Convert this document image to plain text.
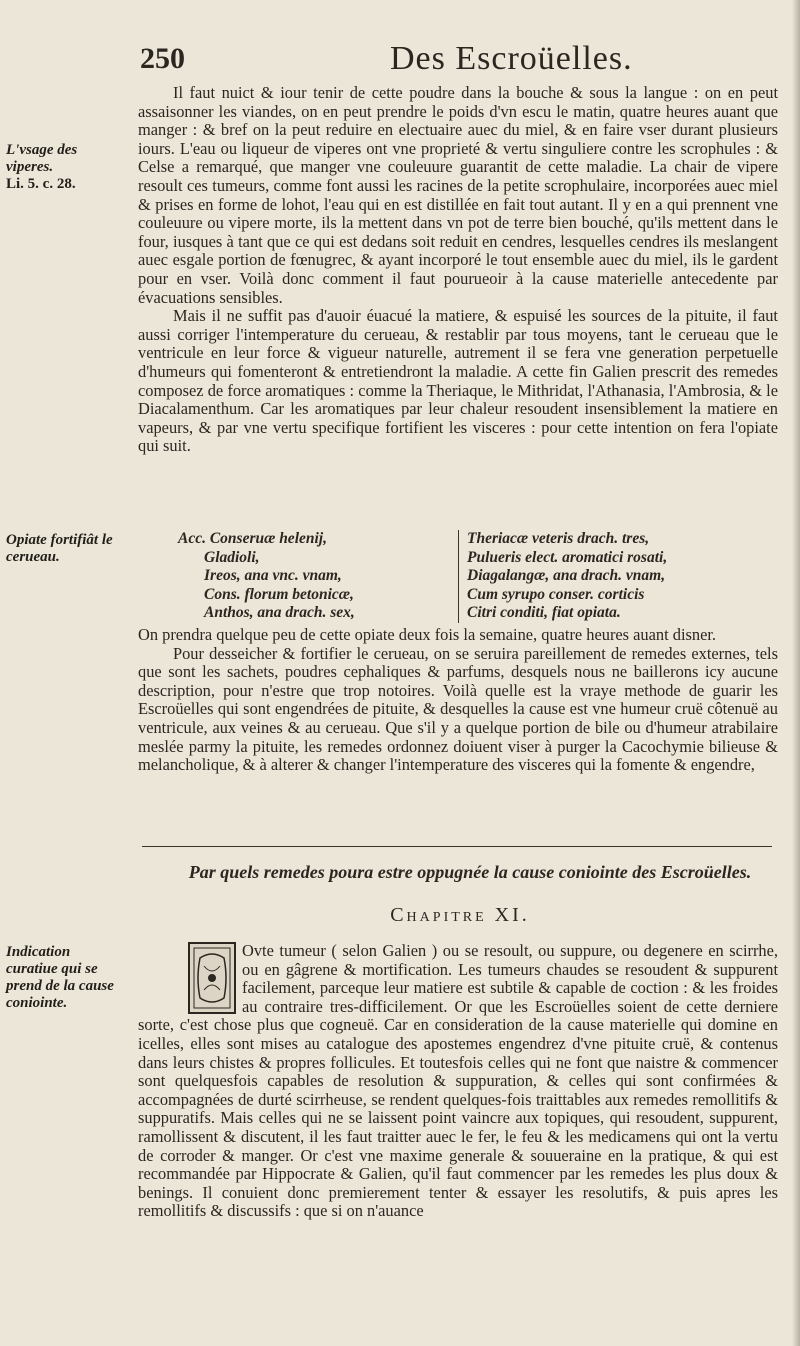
250	Des Escroüelles.
L'vsage des viperes.
Li. 5. c. 28.

Il faut nuict & iour tenir de cette poudre dans la bouche & sous la langue : on en peut assaisonner les viandes, on en peut prendre le poids d'vn escu le matin, quatre heures auant que manger : & bref on la peut reduire en electuaire auec du miel, & en faire vser durant plusieurs iours. L'eau ou liqueur de viperes ont vne proprieté & vertu singuliere contre les scrophules : & Celse a remarqué, que manger vne couleuure guarantit de cette maladie. La chair de vipere resoult ces tumeurs, comme font aussi les racines de la petite scrophulaire, incorporées auec miel & prises en forme de lohot, l'eau qui en est distillée en fait tout autant. Il y en a qui prennent vne couleuure ou vipere morte, ils la mettent dans vn pot de terre bien bouché, qu'ils mettent dans le four, iusques à tant que ce qui est dedans soit reduit en cendres, lesquelles cendres ils meslangent auec esgale portion de fœnugrec, & ayant incorporé le tout ensemble auec du miel, ils le gardent pour en vser. Voilà donc comment il faut pourueoir à la cause materielle antecedente par évacuations sensibles.

Mais il ne suffit pas d'auoir éuacué la matiere, & espuisé les sources de la pituite, il faut aussi corriger l'intemperature du cerueau, & restablir par tous moyens, tant le cerueau que le ventricule en leur force & vigueur naturelle, autrement il se fera vne generation perpetuelle d'humeurs qui fomenteront & entretiendront la maladie. A cette fin Galien prescrit des remedes composez de force aromatiques : comme la Theriaque, le Mithridat, l'Athanasia, l'Ambrosia, & le Diacalamenthum. Car les aromatiques par leur chaleur resoudent insensiblement la matiere en vapeurs, & par vne vertu specifique fortifient les visceres : pour cette intention on fera l'opiate qui suit.

Opiate fortifiât le cerueau.
Acc. Conseruæ helenij,
Gladioli,
Ireos, ana vnc. vnam,
Cons. florum betonicæ,
Anthos, ana drach. sex,
Theriacæ veteris drach. tres,
Pulueris elect. aromatici rosati,
Diagalangæ, ana drach. vnam,
Cum syrupo conser. corticis
Citri conditi, fiat opiata.

On prendra quelque peu de cette opiate deux fois la semaine, quatre heures auant disner.

Pour desseicher & fortifier le cerueau, on se seruira pareillement de remedes externes, tels que sont les sachets, poudres cephaliques & parfums, desquels nous ne baillerons icy aucune description, pour n'estre que trop notoires. Voilà quelle est la vraye methode de guarir les Escroüelles qui sont engendrées de pituite, & desquelles la cause est vne humeur cruë côtenuë au ventricule, aux veines & au cerueau. Que s'il y a quelque portion de bile ou d'humeur atrabilaire meslée parmy la pituite, les remedes ordonnez doiuent viser à purger la Cacochymie bilieuse & melancholique, & à alterer & changer l'intemperature des visceres qui la fomente & engendre,

Par quels remedes poura estre oppugnée la cause coniointe des Escroüelles.
Chapitre XI.
Indication curatiue qui se prend de la cause coniointe.

Ovte tumeur ( selon Galien ) ou se resoult, ou suppure, ou degenere en scirrhe, ou en gâgrene & mortification. Les tumeurs chaudes se resoudent & suppurent facilement, parceque leur matiere est subtile & capable de coction : & les froides au contraire tres-difficilement. Or que les Escroüelles soient de cette derniere sorte, c'est chose plus que cogneuë. Car en consideration de la cause materielle qui domine en icelles, elles sont mises au catalogue des apostemes engendrez d'vne pituite cruë, & contenus dans leurs chistes & propres follicules. Et toutesfois celles qui ne font que naistre & commencer sont quelquesfois capables de resolution & suppuration, & celles qui sont confirmées & accompagnées de durté scirrheuse, se rendent quelques-fois traittables aux remedes remollitifs & suppuratifs. Mais celles qui ne se laissent point vaincre aux topiques, qui resoudent, suppurent, ramollissent & discutent, il les faut traitter auec le fer, le feu & les medicamens qui ont la vertu de corroder & manger. Or c'est vne maxime generale & souueraine en la pratique, & qui est recommandée par Hippocrate & Galien, qu'il faut commencer par les remedes les plus doux & benings. Il conuient donc premierement tenter & essayer les resolutifs, & puis apres les remollitifs & discussifs : que si on n'auance
